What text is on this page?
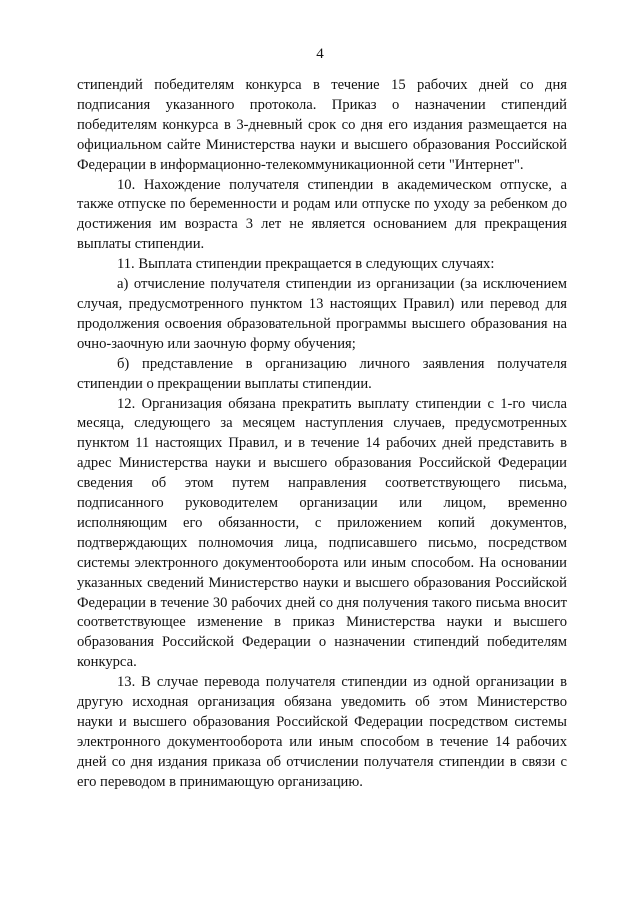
4

стипендий победителям конкурса в течение 15 рабочих дней со дня подписания указанного протокола. Приказ о назначении стипендий победителям конкурса в 3-дневный срок со дня его издания размещается на официальном сайте Министерства науки и высшего образования Российской Федерации в информационно-телекоммуникационной сети "Интернет".

10. Нахождение получателя стипендии в академическом отпуске, а также отпуске по беременности и родам или отпуске по уходу за ребенком до достижения им возраста 3 лет не является основанием для прекращения выплаты стипендии.

11. Выплата стипендии прекращается в следующих случаях:

а) отчисление получателя стипендии из организации (за исключением случая, предусмотренного пунктом 13 настоящих Правил) или перевод для продолжения освоения образовательной программы высшего образования на очно-заочную или заочную форму обучения;

б) представление в организацию личного заявления получателя стипендии о прекращении выплаты стипендии.

12. Организация обязана прекратить выплату стипендии с 1-го числа месяца, следующего за месяцем наступления случаев, предусмотренных пунктом 11 настоящих Правил, и в течение 14 рабочих дней представить в адрес Министерства науки и высшего образования Российской Федерации сведения об этом путем направления соответствующего письма, подписанного руководителем организации или лицом, временно исполняющим его обязанности, с приложением копий документов, подтверждающих полномочия лица, подписавшего письмо, посредством системы электронного документооборота или иным способом. На основании указанных сведений Министерство науки и высшего образования Российской Федерации в течение 30 рабочих дней со дня получения такого письма вносит соответствующее изменение в приказ Министерства науки и высшего образования Российской Федерации о назначении стипендий победителям конкурса.

13. В случае перевода получателя стипендии из одной организации в другую исходная организация обязана уведомить об этом Министерство науки и высшего образования Российской Федерации посредством системы электронного документооборота или иным способом в течение 14 рабочих дней со дня издания приказа об отчислении получателя стипендии в связи с его переводом в принимающую организацию.
